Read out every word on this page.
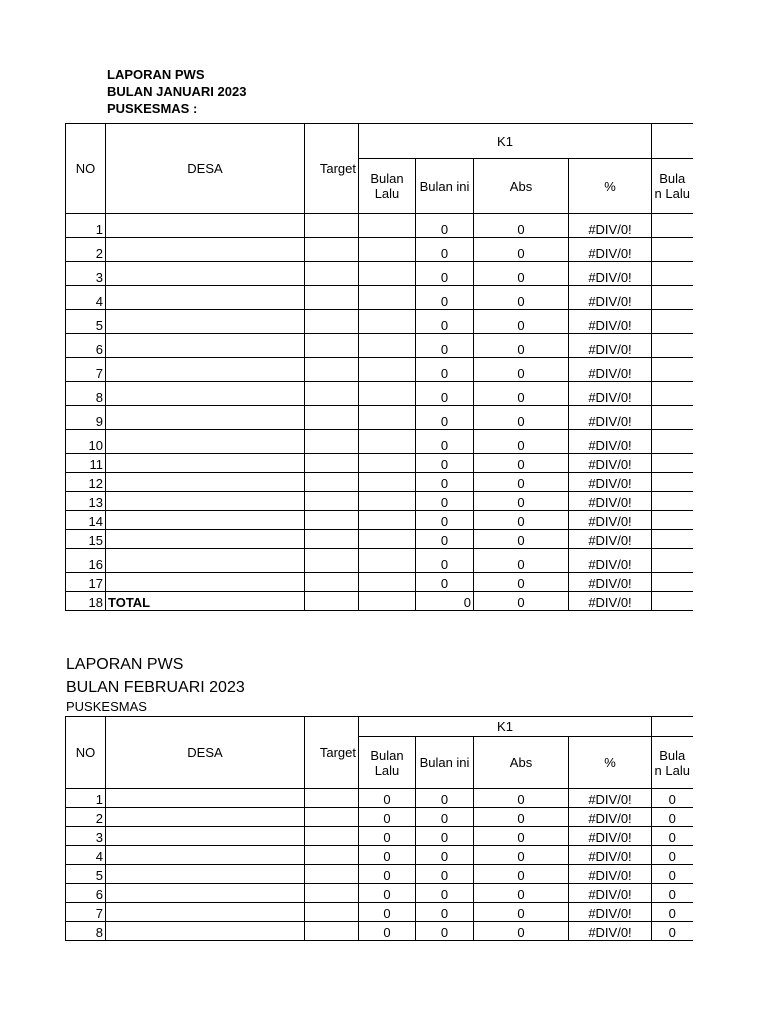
LAPORAN PWS
BULAN JANUARI 2023
PUSKESMAS :
NO	DESA	Target	K1				
			Bulan Lalu	Bulan ini	Abs	%	Bula n Lalu
1				0	0	#DIV/0!	
2				0	0	#DIV/0!	
3				0	0	#DIV/0!	
4				0	0	#DIV/0!	
5				0	0	#DIV/0!	
6				0	0	#DIV/0!	
7				0	0	#DIV/0!	
8				0	0	#DIV/0!	
9				0	0	#DIV/0!	
10				0	0	#DIV/0!	
11				0	0	#DIV/0!	
12				0	0	#DIV/0!	
13				0	0	#DIV/0!	
14				0	0	#DIV/0!	
15				0	0	#DIV/0!	
16				0	0	#DIV/0!	
17				0	0	#DIV/0!	
18	TOTAL			0	0	#DIV/0!	
LAPORAN PWS
BULAN FEBRUARI 2023
PUSKESMAS
NO	DESA	Target	K1				
			Bulan Lalu	Bulan ini	Abs	%	Bula n Lalu
1			0	0	0	#DIV/0!	0
2			0	0	0	#DIV/0!	0
3			0	0	0	#DIV/0!	0
4			0	0	0	#DIV/0!	0
5			0	0	0	#DIV/0!	0
6			0	0	0	#DIV/0!	0
7			0	0	0	#DIV/0!	0
8			0	0	0	#DIV/0!	0
